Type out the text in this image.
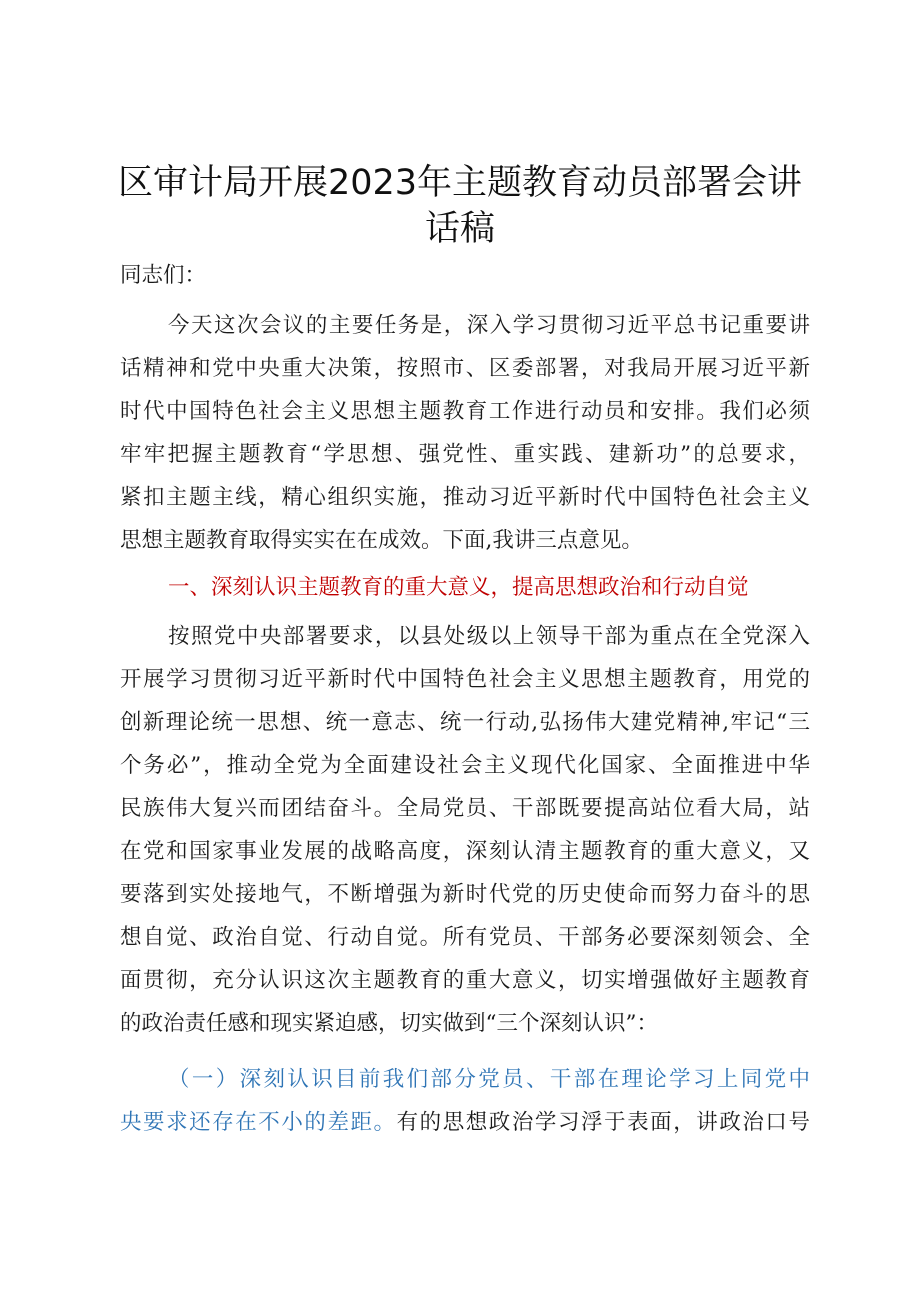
区审计局开展2023年主题教育动员部署会讲
话稿
同志们：
今天这次会议的主要任务是，深入学习贯彻习近平总书记重要讲
话精神和党中央重大决策，按照市、区委部署，对我局开展习近平新
时代中国特色社会主义思想主题教育工作进行动员和安排。我们必须
牢牢把握主题教育“学思想、强党性、重实践、建新功”的总要求，
紧扣主题主线，精心组织实施，推动习近平新时代中国特色社会主义
思想主题教育取得实实在在成效。下面,我讲三点意见。
一、深刻认识主题教育的重大意义，提高思想政治和行动自觉
按照党中央部署要求，以县处级以上领导干部为重点在全党深入
开展学习贯彻习近平新时代中国特色社会主义思想主题教育，用党的
创新理论统一思想、统一意志、统一行动,弘扬伟大建党精神,牢记“三
个务必”，推动全党为全面建设社会主义现代化国家、全面推进中华
民族伟大复兴而团结奋斗。全局党员、干部既要提高站位看大局，站
在党和国家事业发展的战略高度，深刻认清主题教育的重大意义，又
要落到实处接地气，不断增强为新时代党的历史使命而努力奋斗的思
想自觉、政治自觉、行动自觉。所有党员、干部务必要深刻领会、全
面贯彻，充分认识这次主题教育的重大意义，切实增强做好主题教育
的政治责任感和现实紧迫感，切实做到“三个深刻认识”：
（一）深刻认识目前我们部分党员、干部在理论学习上同党中
央要求还存在不小的差距。有的思想政治学习浮于表面，讲政治口号
